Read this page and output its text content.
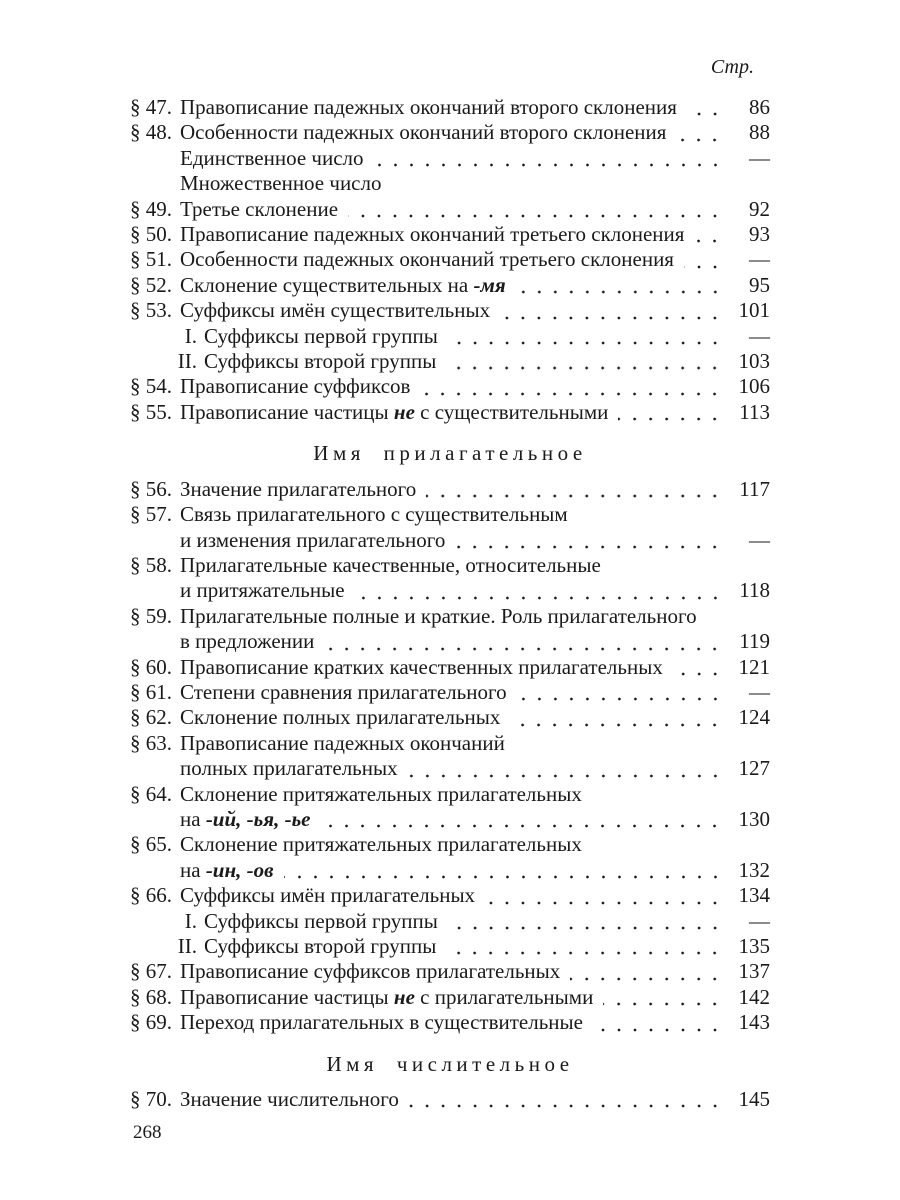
Стр.
§ 47. Правописание падежных окончаний второго склонения	86
§ 48. Особенности падежных окончаний второго склонения	88
Единственное число	—
Множественное число
§ 49. Третье склонение	92
§ 50. Правописание падежных окончаний третьего склонения	93
§ 51. Особенности падежных окончаний третьего склонения	—
§ 52. Склонение существительных на -мя	95
§ 53. Суффиксы имён существительных	101
I. Суффиксы первой группы	—
II. Суффиксы второй группы	103
§ 54. Правописание суффиксов	106
§ 55. Правописание частицы не с существительными	113
Имя прилагательное
§ 56. Значение прилагательного	117
§ 57. Связь прилагательного с существительным
и изменения прилагательного	—
§ 58. Прилагательные качественные, относительные
и притяжательные	118
§ 59. Прилагательные полные и краткие. Роль прилагательного
в предложении	119
§ 60. Правописание кратких качественных прилагательных	121
§ 61. Степени сравнения прилагательного	—
§ 62. Склонение полных прилагательных	124
§ 63. Правописание падежных окончаний
полных прилагательных	127
§ 64. Склонение притяжательных прилагательных
на -ий, -ья, -ье	130
§ 65. Склонение притяжательных прилагательных
на -ин, -ов	132
§ 66. Суффиксы имён прилагательных	134
I. Суффиксы первой группы	—
II. Суффиксы второй группы	135
§ 67. Правописание суффиксов прилагательных	137
§ 68. Правописание частицы не с прилагательными	142
§ 69. Переход прилагательных в существительные	143
Имя числительное
§ 70. Значение числительного	145
268
